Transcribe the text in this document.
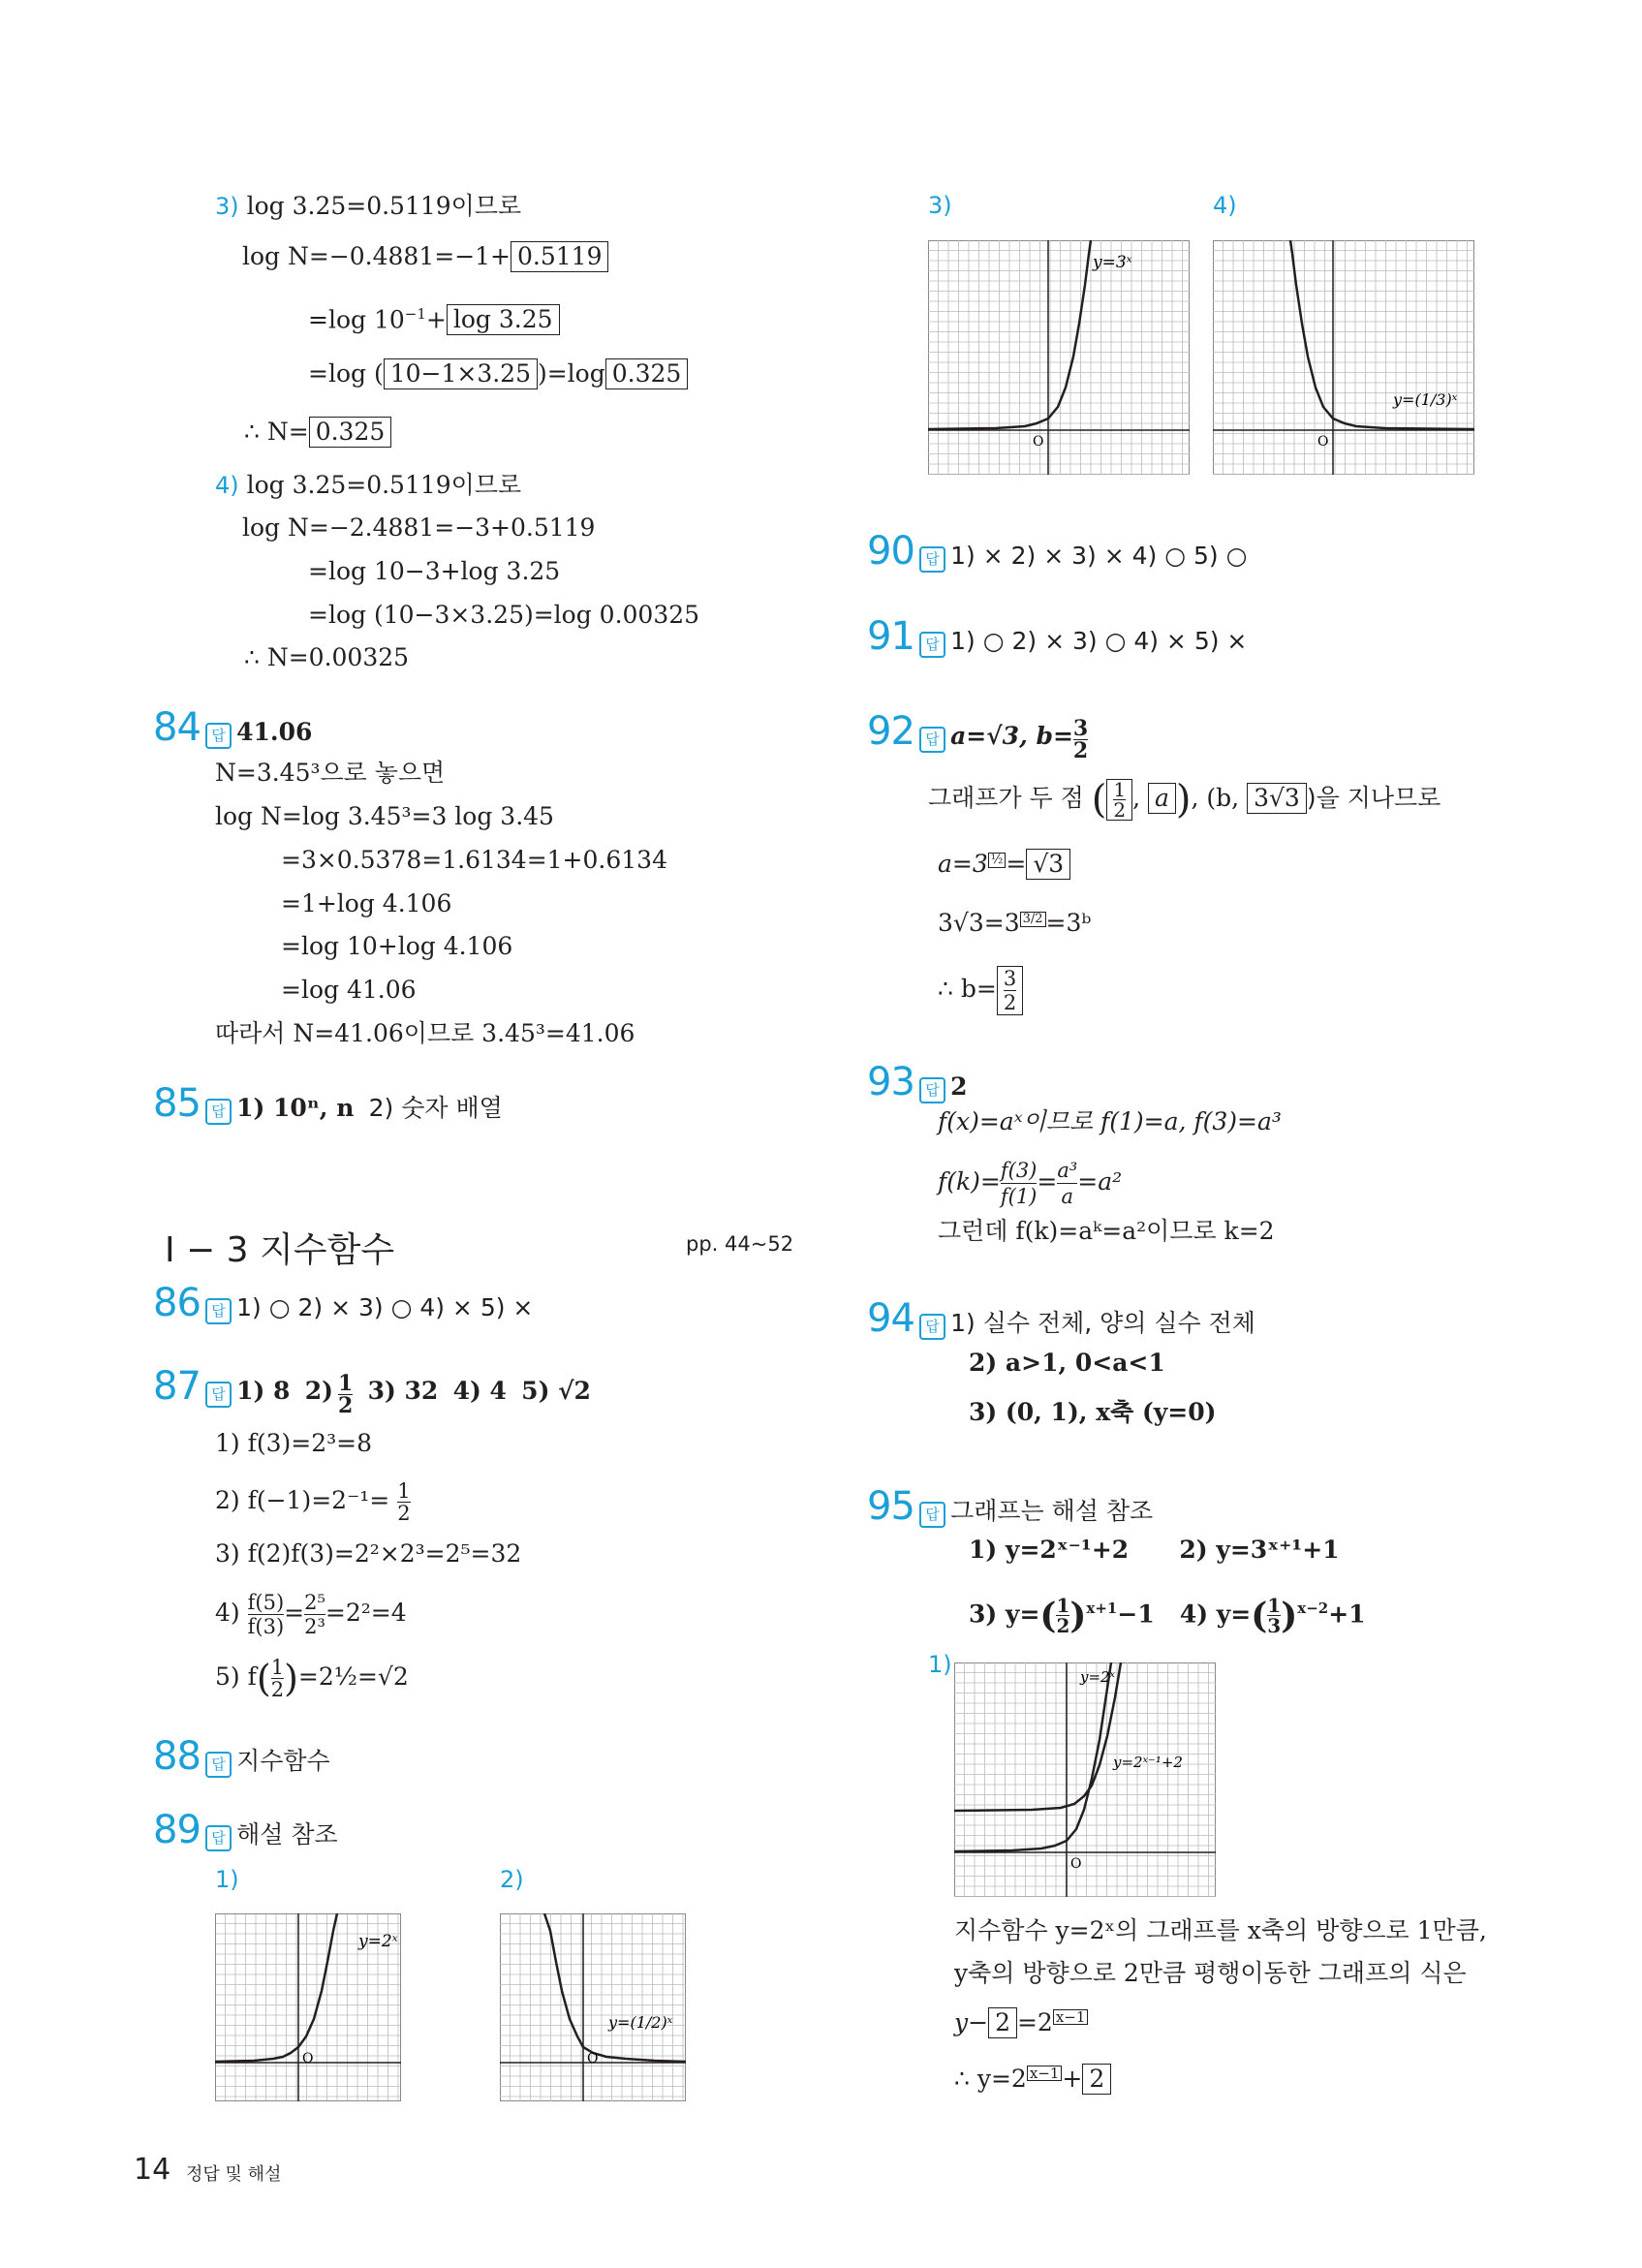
3) log 3.25=0.5119이므로
log N=−0.4881=−1+ 0.5119
=log $10^{-1}+ \log 3.25$
=log ( 10−1×3.25 )=log 0.325
∴ N= 0.325
4) log 3.25=0.5119이므로
log N=−2.4881=−3+0.5119
=log 10−3+log 3.25
=log (10−3×3.25)=log 0.00325
∴ N=0.00325
84 답 41.06
N=3.45³으로 놓으면
log N=log 3.45³=3 log 3.45
=3×0.5378=1.6134=1+0.6134
=1+log 4.106
=log 10+log 4.106
=log 41.06
따라서 N=41.06이므로 3.45³=41.06
85 답 1) 10ⁿ, n 2) 숫자 배열
Ⅰ − 3 지수함수	pp. 44~52
86 답 1) ○ 2) × 3) ○ 4) × 5) ×
87 답 1) 8 $2) \frac{1}{2} 3$) 32 4) 4 5) √2
1) f(3)=2³=8
2) $f(-1)=2^{-1}= \frac{1}{2}$
3) f(2)f(3)=2²×2³=2⁵=32
$4) \frac{f(5)}{f(3)} = \frac{\text{2⁵}}{\text{2³}} =2^2=4$
5) $f( \frac{1}{2}$ )=2½=√2
88 답 지수함수
89 답 해설 참조
1)	2)
y=2ˣ
O
y=(1/2)ˣ
O
3)	4)
y=3ˣ
O
y=(1/3)ˣ
O
90 답 1) × 2) × 3) × 4) ○ 5) ○
91 답 1) ○ 2) × 3) ○ 4) × 5) ×
92 답 a=√3, $b= \frac{3}{2}$
그래프가 두 점 ( $\frac{1}{2}$ , a ), (b, 3√3 )을 지나므로
a=3 ½ = √3
3√3=3 3/2 =3ᵇ
∴ $b= \frac{3}{2}$
93 답 2
f(x)=aˣ이므로 f(1)=a, f(3)=a³
$f(k)= \frac{f(3)}{f(1)} = \frac{\text{a³}}{a} =a^2$
그런데 f(k)=aᵏ=a²이므로 k=2
94 답 1) 실수 전체, 양의 실수 전체
2) a>1, 0<a<1
3) (0, 1), x축 (y=0)
95 답 그래프는 해설 참조
1) y=2ˣ⁻¹+2 2) y=3ˣ⁺¹+1
3) $y=( \frac{1}{2} )^{x+1}-1$ 4) $y=( \frac{1}{3} )^{x-2}+1$
1)	y=2ˣ
y=2ˣ⁻¹+2
O
지수함수 y=2ˣ의 그래프를 x축의 방향으로 1만큼,
y축의 방향으로 2만큼 평행이동한 그래프의 식은
y− 2 =2 x−1
∴ y=2 x−1 + 2
14 정답 및 해설
